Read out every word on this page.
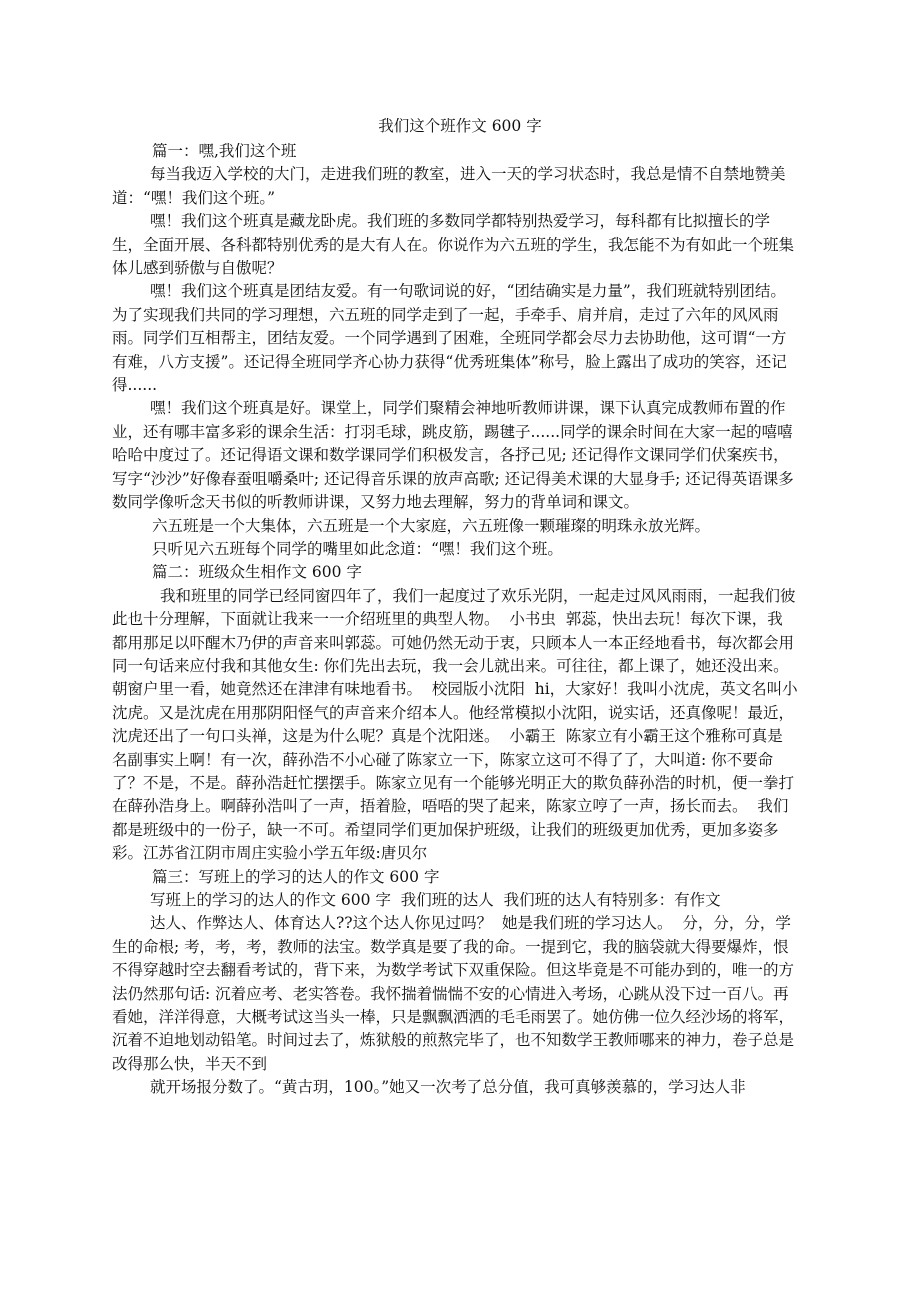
我们这个班作文 600 字

篇一：嘿,我们这个班

每当我迈入学校的大门，走进我们班的教室，进入一天的学习状态时，我总是情不自禁地赞美道：“嘿！我们这个班。”

嘿！我们这个班真是藏龙卧虎。我们班的多数同学都特别热爱学习，每科都有比拟擅长的学生，全面开展、各科都特别优秀的是大有人在。你说作为六五班的学生，我怎能不为有如此一个班集体儿感到骄傲与自傲呢？

嘿！我们这个班真是团结友爱。有一句歌词说的好，“团结确实是力量”，我们班就特别团结。为了实现我们共同的学习理想，六五班的同学走到了一起，手牵手、肩并肩，走过了六年的风风雨雨。同学们互相帮主，团结友爱。一个同学遇到了困难，全班同学都会尽力去协助他，这可谓“一方有难，八方支援”。还记得全班同学齐心协力获得“优秀班集体”称号，脸上露出了成功的笑容，还记得......

嘿！我们这个班真是好。课堂上，同学们聚精会神地听教师讲课，课下认真完成教师布置的作业，还有哪丰富多彩的课余生活：打羽毛球，跳皮筋，踢毽子......同学的课余时间在大家一起的嘻嘻哈哈中度过了。还记得语文课和数学课同学们积极发言，各抒己见; 还记得作文课同学们伏案疾书，写字“沙沙”好像春蚕咀嚼桑叶; 还记得音乐课的放声高歌; 还记得美术课的大显身手; 还记得英语课多数同学像听念天书似的听教师讲课，又努力地去理解，努力的背单词和课文。

六五班是一个大集体，六五班是一个大家庭，六五班像一颗璀璨的明珠永放光辉。

只听见六五班每个同学的嘴里如此念道：“嘿！我们这个班。

篇二：班级众生相作文 600 字

我和班里的同学已经同窗四年了，我们一起度过了欢乐光阴，一起走过风风雨雨，一起我们彼此也十分理解，下面就让我来一一介绍班里的典型人物。  小书虫  郭蕊，快出去玩！每次下课，我都用那足以吓醒木乃伊的声音来叫郭蕊。可她仍然无动于衷，只顾本人一本正经地看书，每次都会用同一句话来应付我和其他女生: 你们先出去玩，我一会儿就出来。可往往，都上课了，她还没出来。朝窗户里一看，她竟然还在津津有味地看书。  校园版小沈阳  hi，大家好！我叫小沈虎，英文名叫小沈虎。又是沈虎在用那阴阳怪气的声音来介绍本人。他经常模拟小沈阳，说实话，还真像呢！最近，沈虎还出了一句口头禅，这是为什么呢？真是个沈阳迷。  小霸王  陈家立有小霸王这个雅称可真是名副事实上啊！有一次，薛孙浩不小心碰了陈家立一下，陈家立这可不得了了，大叫道: 你不要命了？不是，不是。薛孙浩赶忙摆摆手。陈家立见有一个能够光明正大的欺负薛孙浩的时机，便一拳打在薛孙浩身上。啊薛孙浩叫了一声，捂着脸，唔唔的哭了起来，陈家立哼了一声，扬长而去。  我们都是班级中的一份子，缺一不可。希望同学们更加保护班级，让我们的班级更加优秀，更加多姿多彩。江苏省江阴市周庄实验小学五年级:唐贝尔

篇三：写班上的学习的达人的作文 600 字

写班上的学习的达人的作文 600 字  我们班的达人  我们班的达人有特别多：有作文

达人、作弊达人、体育达人??这个达人你见过吗？  她是我们班的学习达人。  分，分，分，学生的命根; 考，考，考，教师的法宝。数学真是要了我的命。一提到它，我的脑袋就大得要爆炸，恨不得穿越时空去翻看考试的，背下来，为数学考试下双重保险。但这毕竟是不可能办到的，唯一的方法仍然那句话: 沉着应考、老实答卷。我怀揣着惴惴不安的心情进入考场，心跳从没下过一百八。再看她，洋洋得意，大概考试这当头一棒，只是飘飘洒洒的毛毛雨罢了。她仿佛一位久经沙场的将军，沉着不迫地划动铅笔。时间过去了，炼狱般的煎熬完毕了，也不知数学王教师哪来的神力，卷子总是改得那么快，半天不到

就开场报分数了。“黄古玥，100。”她又一次考了总分值，我可真够羡慕的，学习达人非
